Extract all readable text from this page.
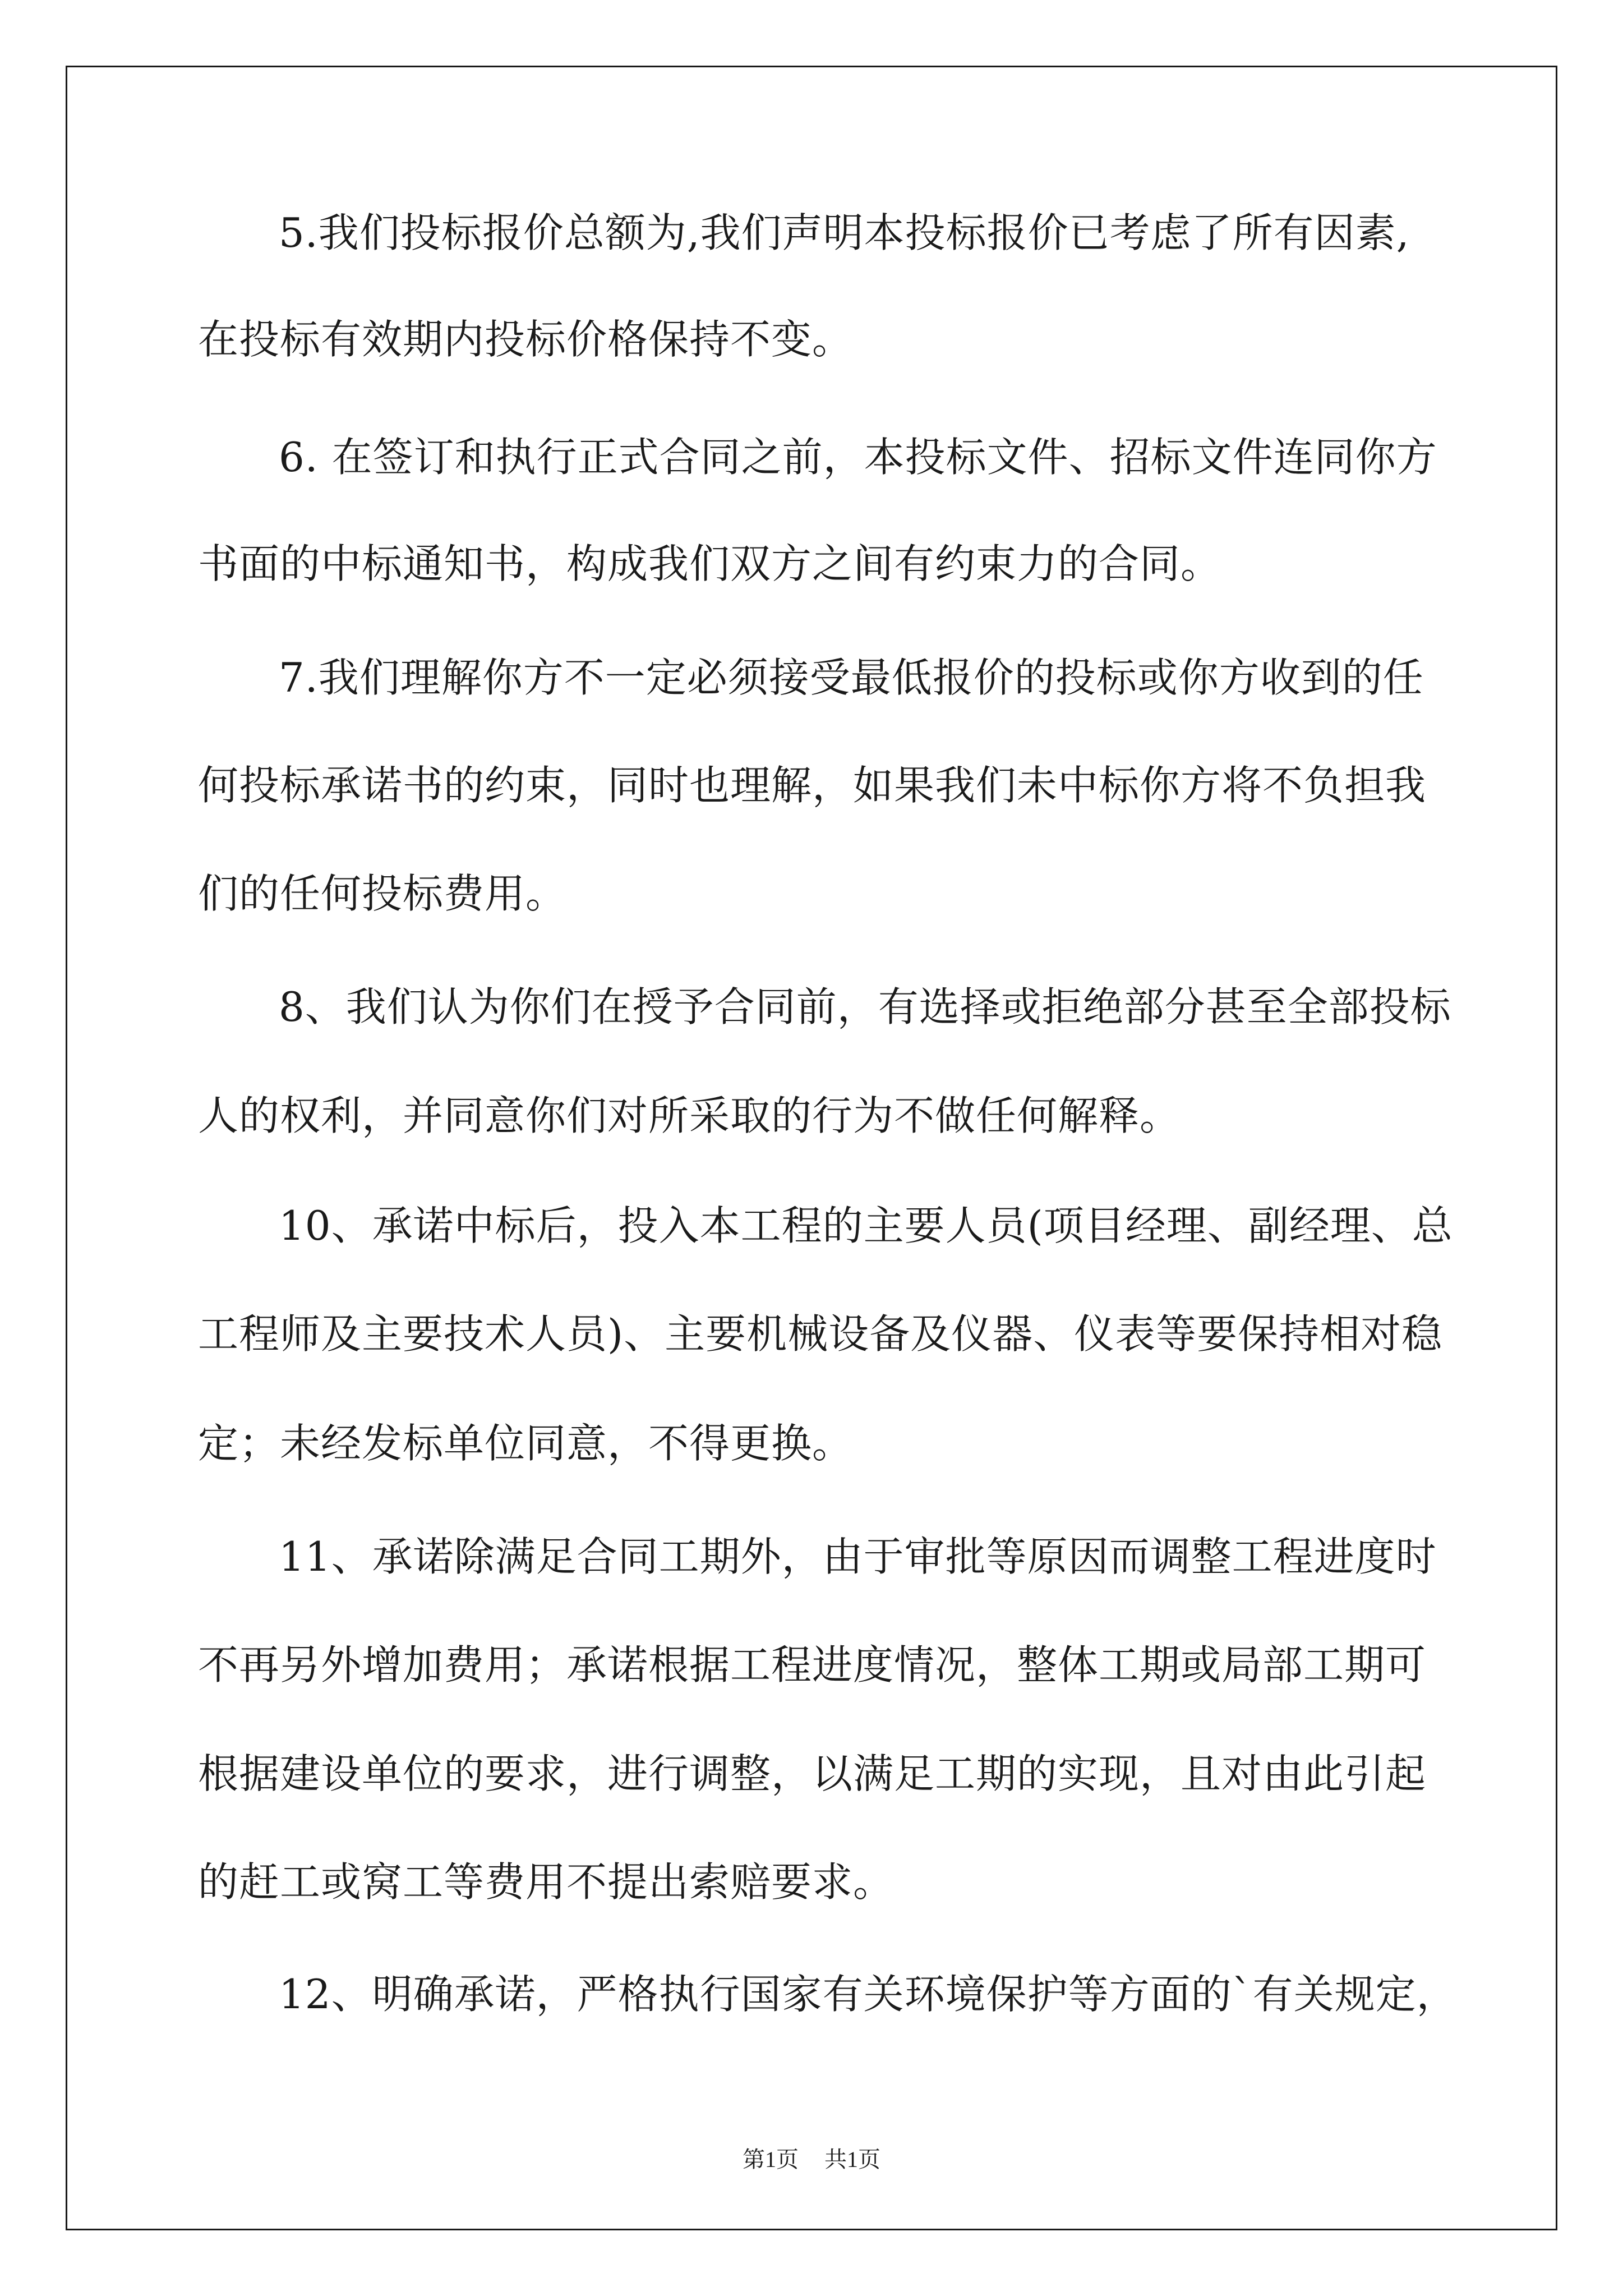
5.我们投标报价总额为,我们声明本投标报价已考虑了所有因素,
在投标有效期内投标价格保持不变。
6. 在签订和执行正式合同之前，本投标文件、招标文件连同你方
书面的中标通知书，构成我们双方之间有约束力的合同。
7.我们理解你方不一定必须接受最低报价的投标或你方收到的任
何投标承诺书的约束，同时也理解，如果我们未中标你方将不负担我
们的任何投标费用。
8、我们认为你们在授予合同前，有选择或拒绝部分甚至全部投标
人的权利，并同意你们对所采取的行为不做任何解释。
10、承诺中标后，投入本工程的主要人员(项目经理、副经理、总
工程师及主要技术人员)、主要机械设备及仪器、仪表等要保持相对稳
定；未经发标单位同意，不得更换。
11、承诺除满足合同工期外，由于审批等原因而调整工程进度时
不再另外增加费用；承诺根据工程进度情况，整体工期或局部工期可
根据建设单位的要求，进行调整，以满足工期的实现，且对由此引起
的赶工或窝工等费用不提出索赔要求。
12、明确承诺，严格执行国家有关环境保护等方面的`有关规定，
第1页 共1页
